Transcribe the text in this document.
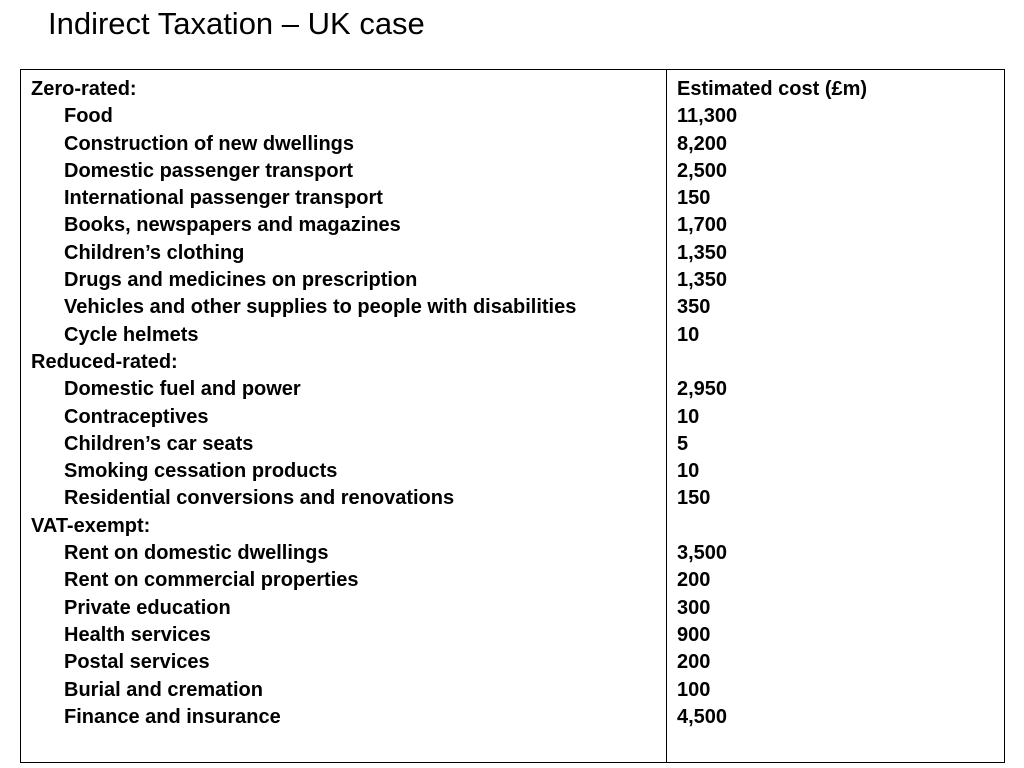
Indirect Taxation – UK case
Zero-rated:
Food
Construction of new dwellings
Domestic passenger transport
International passenger transport
Books, newspapers and magazines
Children’s clothing
Drugs and medicines on prescription
Vehicles and other supplies to people with disabilities
Cycle helmets
Reduced-rated:
Domestic fuel and power
Contraceptives
Children’s car seats
Smoking cessation products
Residential conversions and renovations
VAT-exempt:
Rent on domestic dwellings
Rent on commercial properties
Private education
Health services
Postal services
Burial and cremation
Finance and insurance
Estimated cost (£m)
11,300
8,200
2,500
150
1,700
1,350
1,350
350
10
2,950
10
5
10
150
3,500
200
300
900
200
100
4,500
